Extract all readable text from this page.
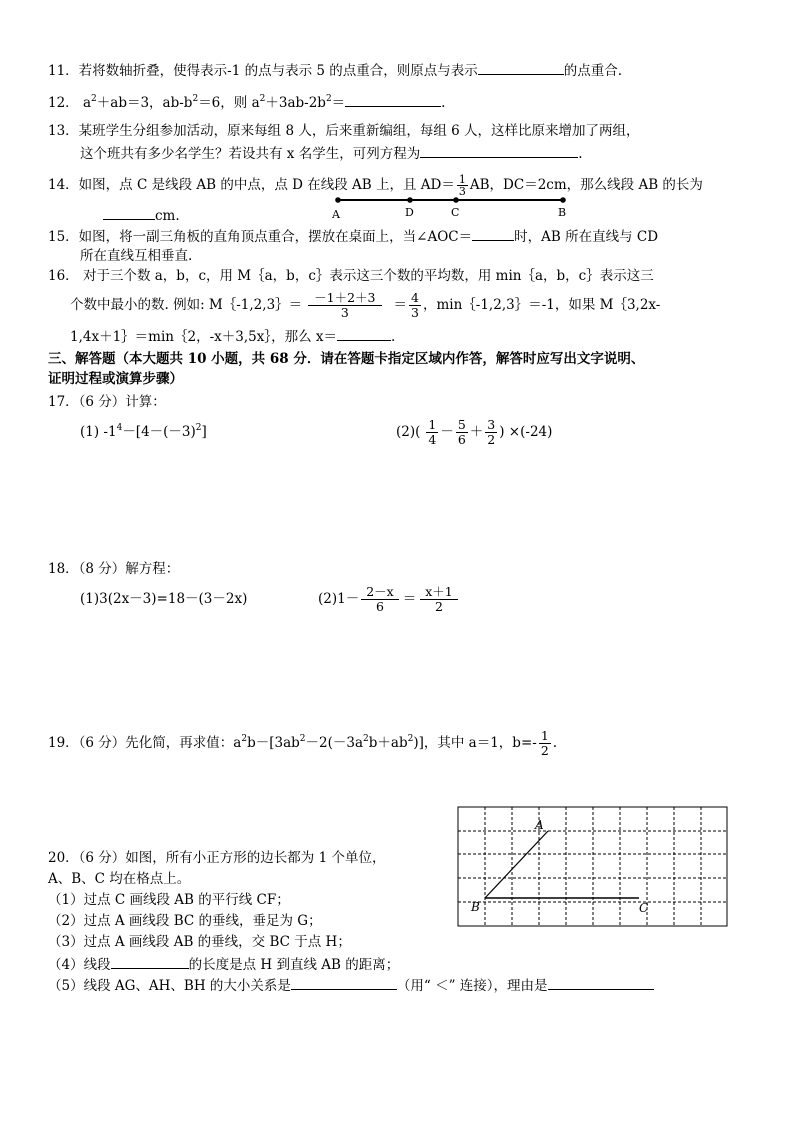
11．若将数轴折叠，使得表示-1 的点与表示 5 的点重合，则原点与表示	的点重合.
12． $a^2+ab=3$，$ab-b^2=6$，则 $a^2+3ab-2b^2=$	.
13．某班学生分组参加活动，原来每组 8 人，后来重新编组，每组 6 人，这样比原来增加了两组，
这个班共有多少名学生？若设共有 x 名学生，可列方程为	.
14．如图，点 C 是线段 AB 的中点，点 D 在线段 AB 上，且 $AD= \frac{1}{3}$ AB，DC＝2cm，那么线段 AB 的长为
cm.	A	D	C	B
15．如图，将一副三角板的直角顶点重合，摆放在桌面上，当∠AOC＝	时，AB 所在直线与 CD
所在直线互相垂直.
16． 对于三个数 a，b，c，用 M｛a，b，c｝表示这三个数的平均数，用 min｛a，b，c｝表示这三
个数中最小的数. 例如: M｛-1,2,3｝＝ $\frac{-1+2+3}{3} = \frac{4}{3}$ ，min｛-1,2,3｝＝-1，如果 M｛3,2x-
1,4x＋1｝＝min｛2，-x＋3,5x｝，那么 x＝	.
三、解答题（本大题共 10 小题，共 68 分．请在答题卡指定区域内作答，解答时应写出文字说明、
证明过程或演算步骤）
17．（6 分）计算：
(1) $-1^4-[4-(-3)^2]$	$(2)( \frac{1}{4} - \frac{5}{6} + \frac{3}{2}$ ) ×(-24)
18．（8 分）解方程：
(1)3(2x－3)=18－(3－2x)	$(2)1- \frac{2-x}{6} = \frac{x+1}{2}$
19．（6 分）先化简，再求值：$a^2b-[3ab^2-2(-3a^2b+ab^2)]$，其中 a＝1，$b=- \frac{1}{2}$ .
20．（6 分）如图，所有小正方形的边长都为 1 个单位，
A、B、C 均在格点上。
（1）过点 C 画线段 AB 的平行线 CF；
（2）过点 A 画线段 BC 的垂线，垂足为 G；
（3）过点 A 画线段 AB 的垂线，交 BC 于点 H；
（4）线段	的长度是点 H 到直线 AB 的距离；
（5）线段 AG、AH、BH 的大小关系是	（用“ ＜” 连接），理由是
A
B	C
